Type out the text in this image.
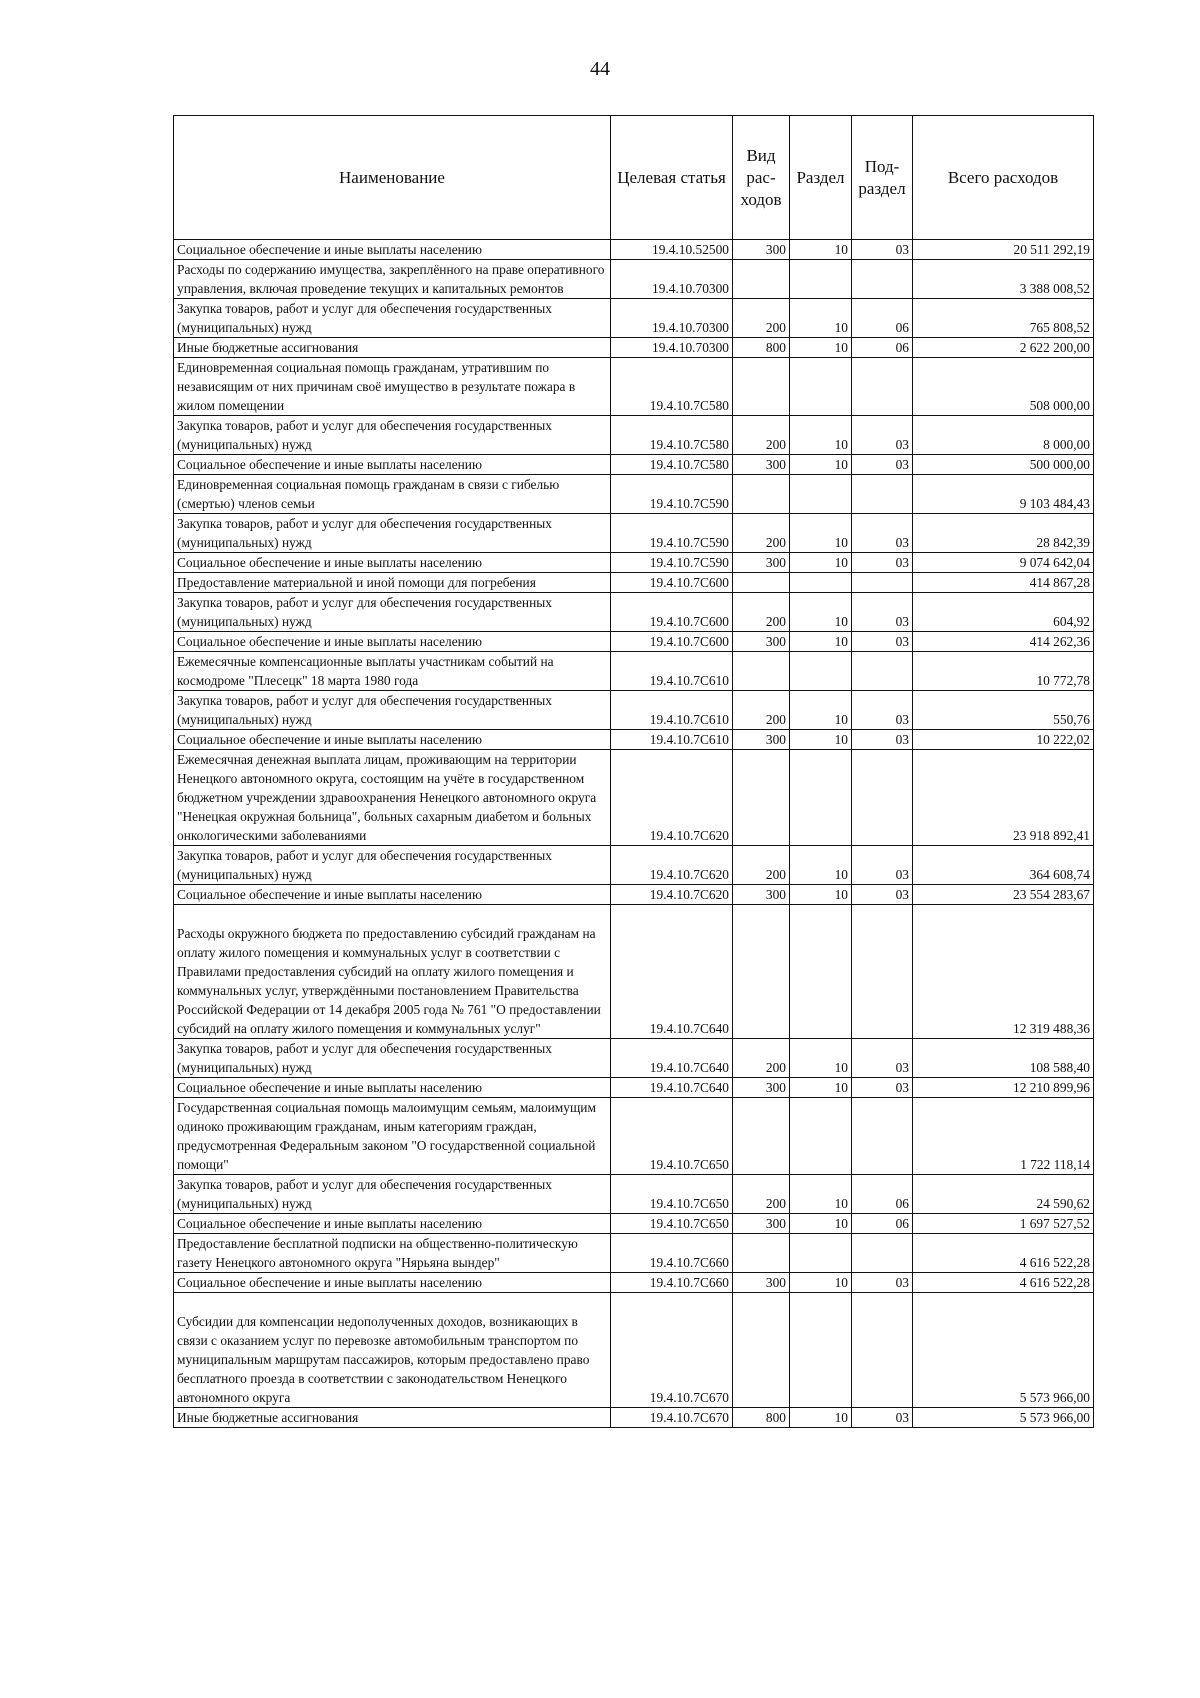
44
Наименование	Целевая статья	Вид рас-ходов	Раздел	Под-раздел	Всего расходов
Социальное обеспечение и иные выплаты населению	19.4.10.52500	300	10	03	20 511 292,19
Расходы по содержанию имущества, закреплённого на праве оперативного управления, включая проведение текущих и капитальных ремонтов	19.4.10.70300				3 388 008,52
Закупка товаров, работ и услуг для обеспечения государственных (муниципальных) нужд	19.4.10.70300	200	10	06	765 808,52
Иные бюджетные ассигнования	19.4.10.70300	800	10	06	2 622 200,00
Единовременная социальная помощь гражданам, утратившим по независящим от них причинам своё имущество в результате пожара в жилом помещении	19.4.10.7С580				508 000,00
Закупка товаров, работ и услуг для обеспечения государственных (муниципальных) нужд	19.4.10.7С580	200	10	03	8 000,00
Социальное обеспечение и иные выплаты населению	19.4.10.7С580	300	10	03	500 000,00
Единовременная социальная помощь гражданам в связи с гибелью (смертью) членов семьи	19.4.10.7С590				9 103 484,43
Закупка товаров, работ и услуг для обеспечения государственных (муниципальных) нужд	19.4.10.7С590	200	10	03	28 842,39
Социальное обеспечение и иные выплаты населению	19.4.10.7С590	300	10	03	9 074 642,04
Предоставление материальной и иной помощи для погребения	19.4.10.7С600				414 867,28
Закупка товаров, работ и услуг для обеспечения государственных (муниципальных) нужд	19.4.10.7С600	200	10	03	604,92
Социальное обеспечение и иные выплаты населению	19.4.10.7С600	300	10	03	414 262,36
Ежемесячные компенсационные выплаты участникам событий на космодроме "Плесецк" 18 марта 1980 года	19.4.10.7С610				10 772,78
Закупка товаров, работ и услуг для обеспечения государственных (муниципальных) нужд	19.4.10.7С610	200	10	03	550,76
Социальное обеспечение и иные выплаты населению	19.4.10.7С610	300	10	03	10 222,02
Ежемесячная денежная выплата лицам, проживающим на территории Ненецкого автономного округа, состоящим на учёте в государственном бюджетном учреждении здравоохранения Ненецкого автономного округа "Ненецкая окружная больница", больных сахарным диабетом и больных онкологическими заболеваниями	19.4.10.7С620				23 918 892,41
Закупка товаров, работ и услуг для обеспечения государственных (муниципальных) нужд	19.4.10.7С620	200	10	03	364 608,74
Социальное обеспечение и иные выплаты населению	19.4.10.7С620	300	10	03	23 554 283,67

Расходы окружного бюджета по предоставлению субсидий гражданам на оплату жилого помещения и коммунальных услуг в соответствии с Правилами предоставления субсидий на оплату жилого помещения и коммунальных услуг, утверждёнными постановлением Правительства Российской Федерации от 14 декабря 2005 года № 761 "О предоставлении субсидий на оплату жилого помещения и коммунальных услуг"	19.4.10.7С640				12 319 488,36
Закупка товаров, работ и услуг для обеспечения государственных (муниципальных) нужд	19.4.10.7С640	200	10	03	108 588,40
Социальное обеспечение и иные выплаты населению	19.4.10.7С640	300	10	03	12 210 899,96
Государственная социальная помощь малоимущим семьям, малоимущим одиноко проживающим гражданам, иным категориям граждан, предусмотренная Федеральным законом "О государственной социальной помощи"	19.4.10.7С650				1 722 118,14
Закупка товаров, работ и услуг для обеспечения государственных (муниципальных) нужд	19.4.10.7С650	200	10	06	24 590,62
Социальное обеспечение и иные выплаты населению	19.4.10.7С650	300	10	06	1 697 527,52
Предоставление бесплатной подписки на общественно-политическую газету Ненецкого автономного округа "Нярьяна вындер"	19.4.10.7С660				4 616 522,28
Социальное обеспечение и иные выплаты населению	19.4.10.7С660	300	10	03	4 616 522,28

Субсидии для компенсации недополученных доходов, возникающих в связи с оказанием услуг по перевозке автомобильным транспортом по муниципальным маршрутам пассажиров, которым предоставлено право бесплатного проезда в соответствии с законодательством Ненецкого автономного округа	19.4.10.7С670				5 573 966,00
Иные бюджетные ассигнования	19.4.10.7С670	800	10	03	5 573 966,00
